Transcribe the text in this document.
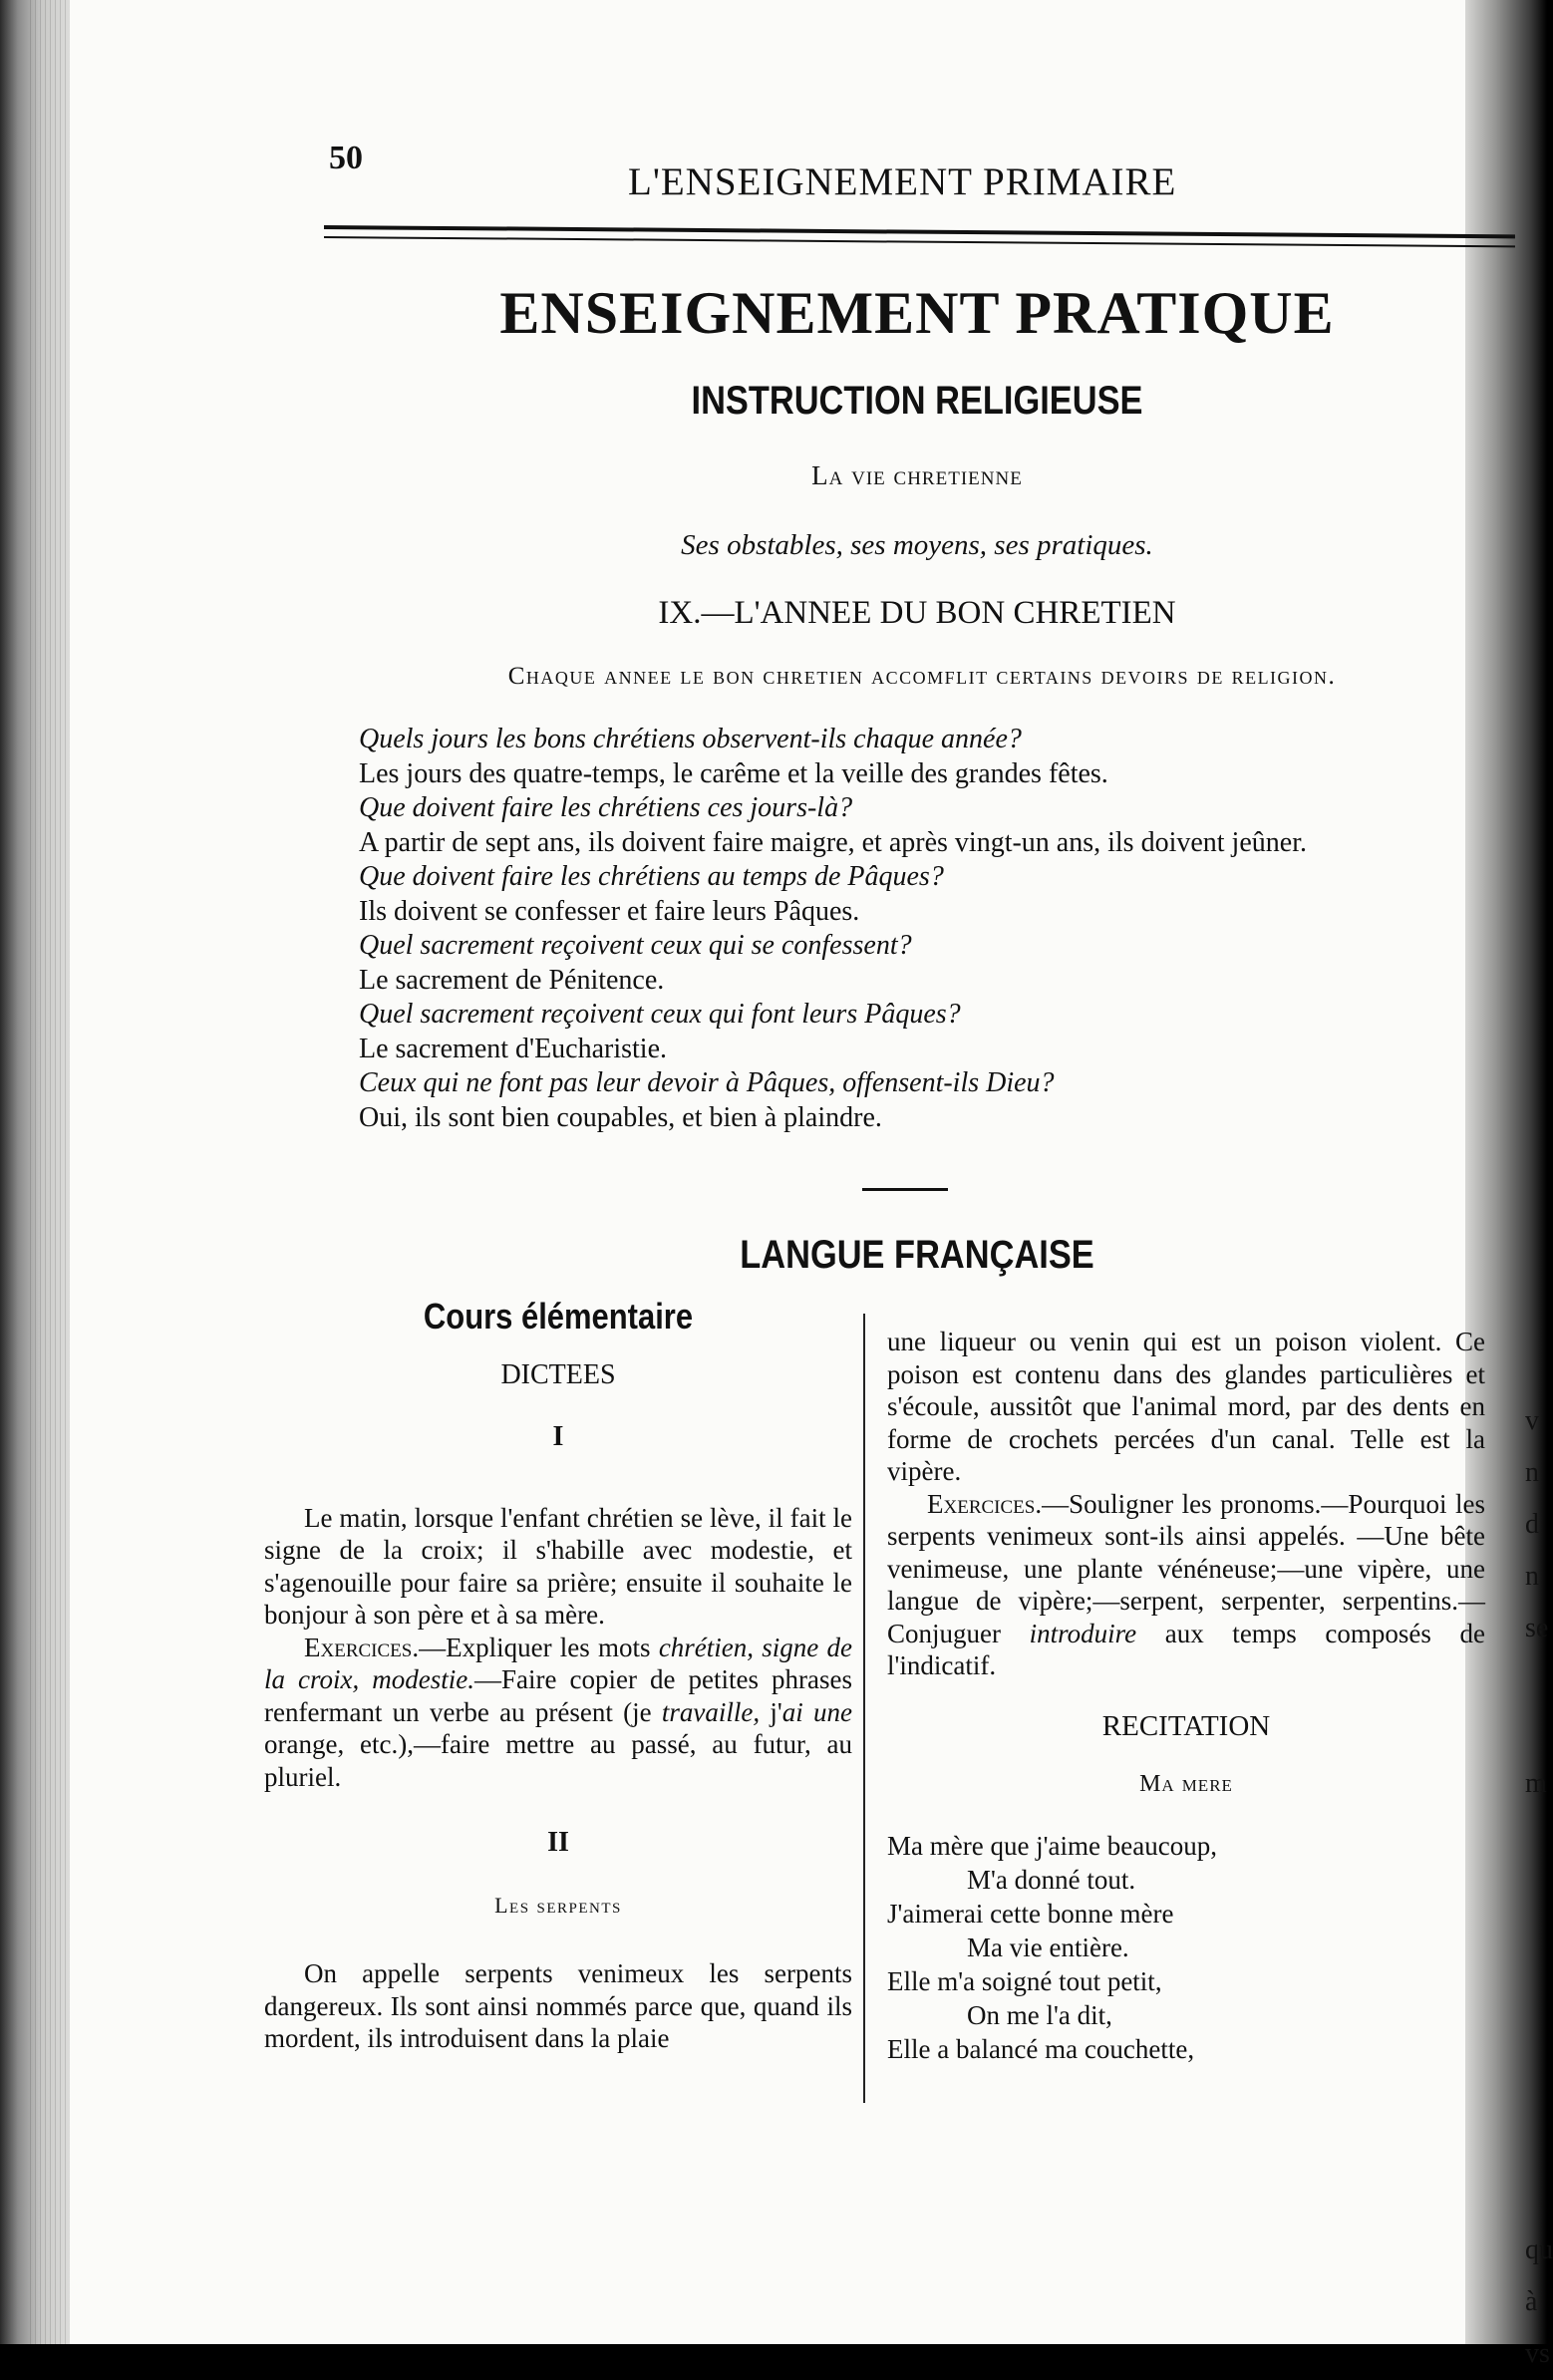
50
L'ENSEIGNEMENT PRIMAIRE
ENSEIGNEMENT PRATIQUE
INSTRUCTION RELIGIEUSE
La vie chretienne
Ses obstables, ses moyens, ses pratiques.
IX.—L'ANNEE DU BON CHRETIEN
Chaque annee le bon chretien accomflit certains devoirs de religion.
Quels jours les bons chrétiens observent-ils chaque année?
Les jours des quatre-temps, le carême et la veille des grandes fêtes.
Que doivent faire les chrétiens ces jours-là?
A partir de sept ans, ils doivent faire maigre, et après vingt-un ans, ils doivent jeûner.
Que doivent faire les chrétiens au temps de Pâques?
Ils doivent se confesser et faire leurs Pâques.
Quel sacrement reçoivent ceux qui se confessent?
Le sacrement de Pénitence.
Quel sacrement reçoivent ceux qui font leurs Pâques?
Le sacrement d'Eucharistie.
Ceux qui ne font pas leur devoir à Pâques, offensent-ils Dieu?
Oui, ils sont bien coupables, et bien à plaindre.
LANGUE FRANÇAISE
Cours élémentaire
DICTEES
I

Le matin, lorsque l'enfant chrétien se lève, il fait le signe de la croix; il s'habille avec modestie, et s'agenouille pour faire sa prière; ensuite il souhaite le bonjour à son père et à sa mère.

Exercices.—Expliquer les mots chrétien, signe de la croix, modestie.—Faire copier de petites phrases renfermant un verbe au présent (je travaille, j'ai une orange, etc.),—faire mettre au passé, au futur, au pluriel.

II
Les serpents

On appelle serpents venimeux les serpents dangereux. Ils sont ainsi nommés parce que, quand ils mordent, ils introduisent dans la plaie

une liqueur ou venin qui est un poison violent. Ce poison est contenu dans des glandes particulières et s'écoule, aussitôt que l'animal mord, par des dents en forme de crochets percées d'un canal. Telle est la vipère.

Exercices.—Souligner les pronoms.—Pourquoi les serpents venimeux sont-ils ainsi appelés. —Une bête venimeuse, une plante vénéneuse;—une vipère, une langue de vipère;—serpent, serpenter, serpentins.—Conjuguer introduire aux temps composés de l'indicatif.

RECITATION
Ma mere
Ma mère que j'aime beaucoup,
M'a donné tout.
J'aimerai cette bonne mère
Ma vie entière.
Elle m'a soigné tout petit,
On me l'a dit,
Elle a balancé ma couchette,
v
n
d
n
se
m
qu
à
vs
